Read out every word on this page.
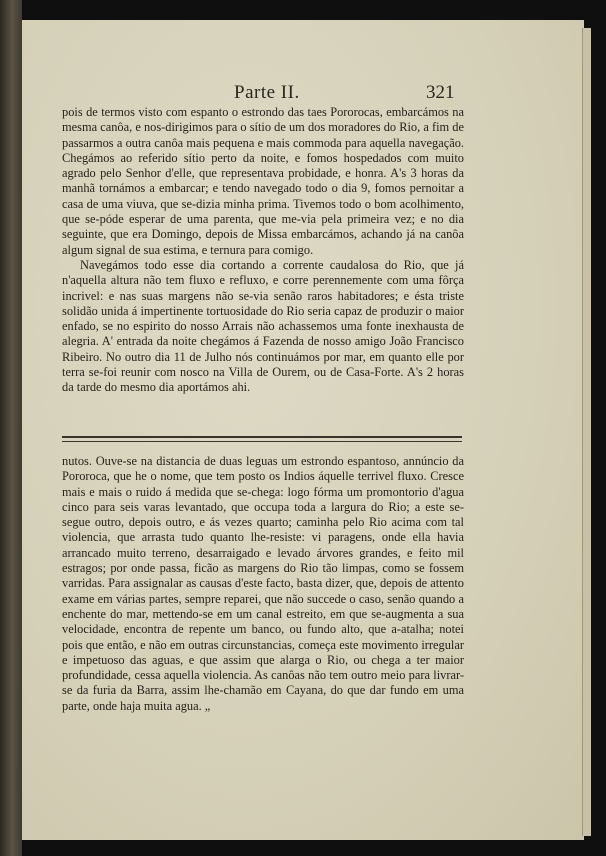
Parte II.	321

pois de termos visto com espanto o estrondo das taes Pororocas, embarcámos na mesma canôa, e nos-dirigimos para o sítio de um dos moradores do Rio, a fim de passarmos a outra canôa mais pequena e mais commoda para aquella navegação. Chegámos ao referido sítio perto da noite, e fomos hospedados com muito agrado pelo Senhor d'elle, que representava probidade, e honra. A's 3 horas da manhã tornámos a embarcar; e tendo navegado todo o dia 9, fomos pernoitar a casa de uma viuva, que se-dizia minha prima. Tivemos todo o bom acolhimento, que se-póde esperar de uma parenta, que me-via pela primeira vez; e no dia seguinte, que era Domingo, depois de Missa embarcámos, achando já na canôa algum signal de sua estima, e ternura para comigo.

Navegámos todo esse dia cortando a corrente caudalosa do Rio, que já n'aquella altura não tem fluxo e refluxo, e corre perennemente com uma fôrça incrivel: e nas suas margens não se-via senão raros habitadores; e ésta triste solidão unida á impertinente tortuosidade do Rio seria capaz de produzir o maior enfado, se no espirito do nosso Arrais não achassemos uma fonte inexhausta de alegria. A' entrada da noite chegámos á Fazenda de nosso amigo João Francisco Ribeiro. No outro dia 11 de Julho nós continuámos por mar, em quanto elle por terra se-foi reunir com nosco na Villa de Ourem, ou de Casa-Forte. A's 2 horas da tarde do mesmo dia aportámos ahi.

nutos. Ouve-se na distancia de duas leguas um estrondo espantoso, annúncio da Pororoca, que he o nome, que tem posto os Indios áquelle terrivel fluxo. Cresce mais e mais o ruido á medida que se-chega: logo fórma um promontorio d'agua cinco para seis varas levantado, que occupa toda a largura do Rio; a este se-segue outro, depois outro, e ás vezes quarto; caminha pelo Rio acima com tal violencia, que arrasta tudo quanto lhe-resiste: vi paragens, onde ella havia arrancado muito terreno, desarraigado e levado árvores grandes, e feito mil estragos; por onde passa, ficão as margens do Rio tão limpas, como se fossem varridas. Para assignalar as causas d'este facto, basta dizer, que, depois de attento exame em várias partes, sempre reparei, que não succede o caso, senão quando a enchente do mar, mettendo-se em um canal estreito, em que se-augmenta a sua velocidade, encontra de repente um banco, ou fundo alto, que a-atalha; notei pois que então, e não em outras circunstancias, começa este movimento irregular e impetuoso das aguas, e que assim que alarga o Rio, ou chega a ter maior profundidade, cessa aquella violencia. As canôas não tem outro meio para livrar-se da furia da Barra, assim lhe-chamão em Cayana, do que dar fundo em uma parte, onde haja muita agua. „
